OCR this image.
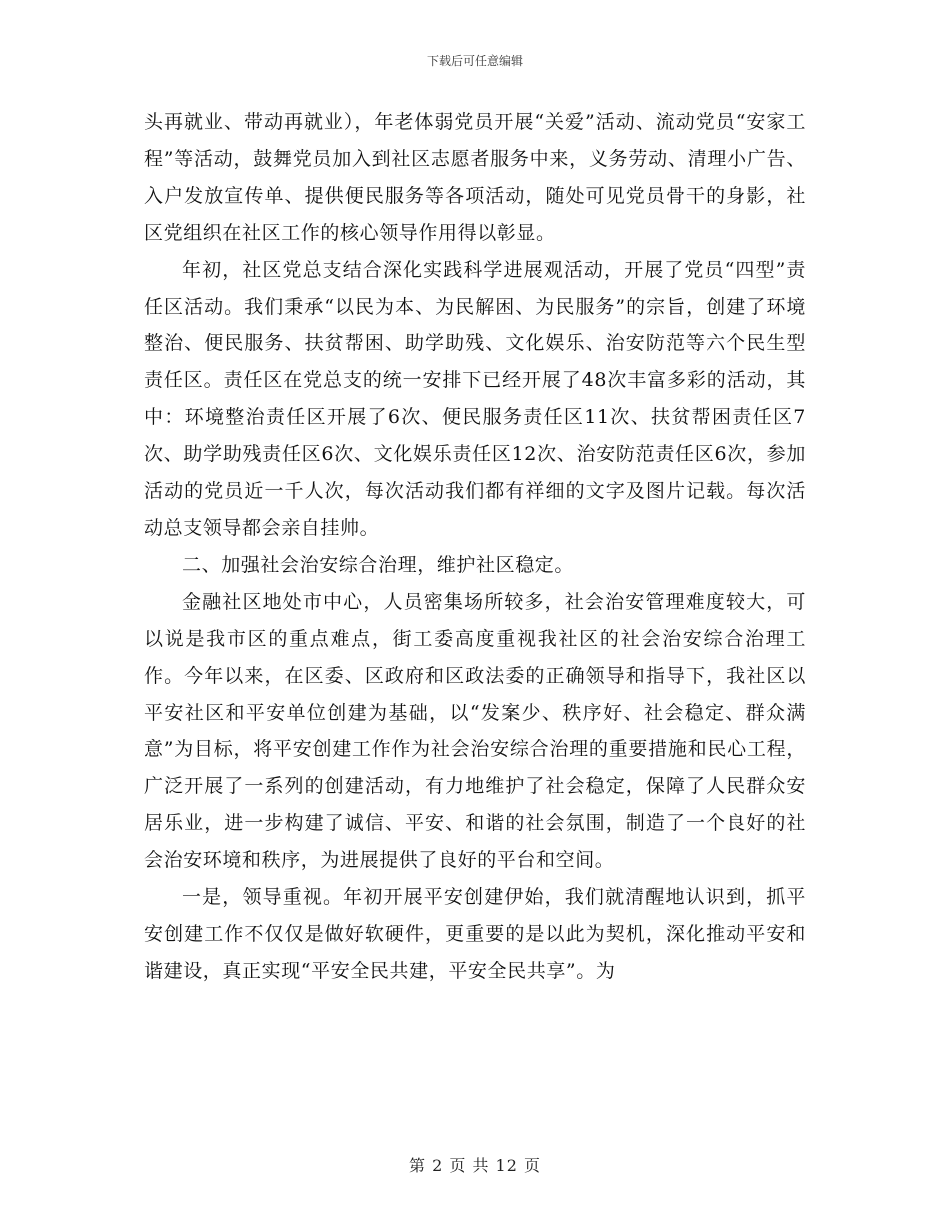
下载后可任意编辑

头再就业、带动再就业），年老体弱党员开展“关爱”活动、流动党员“安家工程”等活动，鼓舞党员加入到社区志愿者服务中来，义务劳动、清理小广告、入户发放宣传单、提供便民服务等各项活动，随处可见党员骨干的身影，社区党组织在社区工作的核心领导作用得以彰显。

年初，社区党总支结合深化实践科学进展观活动，开展了党员“四型”责任区活动。我们秉承“以民为本、为民解困、为民服务”的宗旨，创建了环境整治、便民服务、扶贫帮困、助学助残、文化娱乐、治安防范等六个民生型责任区。责任区在党总支的统一安排下已经开展了48次丰富多彩的活动，其中：环境整治责任区开展了6次、便民服务责任区11次、扶贫帮困责任区7次、助学助残责任区6次、文化娱乐责任区12次、治安防范责任区6次，参加活动的党员近一千人次，每次活动我们都有祥细的文字及图片记载。每次活动总支领导都会亲自挂帅。

二、加强社会治安综合治理，维护社区稳定。

金融社区地处市中心，人员密集场所较多，社会治安管理难度较大，可以说是我市区的重点难点，街工委高度重视我社区的社会治安综合治理工作。今年以来，在区委、区政府和区政法委的正确领导和指导下，我社区以平安社区和平安单位创建为基础，以“发案少、秩序好、社会稳定、群众满意”为目标，将平安创建工作作为社会治安综合治理的重要措施和民心工程，广泛开展了一系列的创建活动，有力地维护了社会稳定，保障了人民群众安居乐业，进一步构建了诚信、平安、和谐的社会氛围，制造了一个良好的社会治安环境和秩序，为进展提供了良好的平台和空间。

一是，领导重视。年初开展平安创建伊始，我们就清醒地认识到，抓平安创建工作不仅仅是做好软硬件，更重要的是以此为契机，深化推动平安和谐建设，真正实现“平安全民共建，平安全民共享”。为

第 2 页 共 12 页
